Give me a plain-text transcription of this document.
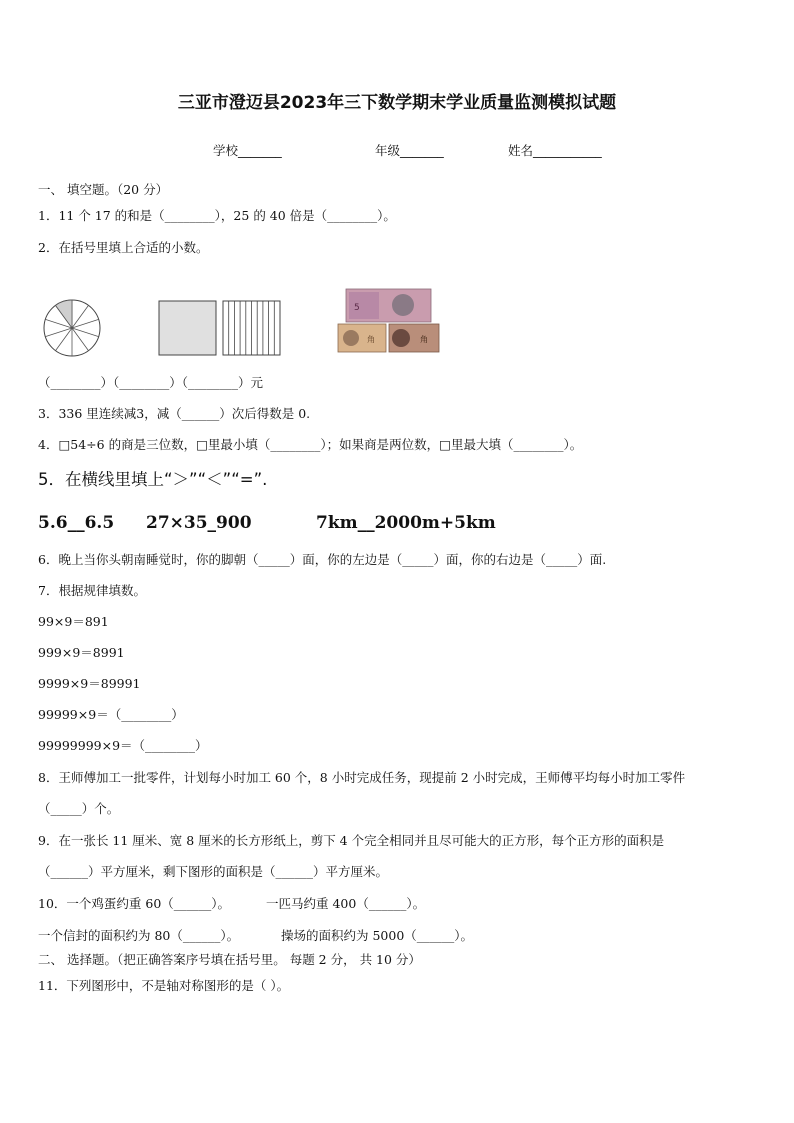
三亚市澄迈县2023年三下数学期末学业质量监测模拟试题
学校_______	年级_______	姓名___________
一、 填空题。（20 分）
1．11 个 17 的和是（________），25 的 40 倍是（________）。
2．在括号里填上合适的小数。
5
角	角
（________）（________）（________）元
3．336 里连续减3，减（______）次后得数是 0.
4．□54÷6 的商是三位数，□里最小填（________）；如果商是两位数，□里最大填（________）。
5．在横线里填上“＞”“＜”“=”.
5.6__6.5 27×35_900	7km__2000m+5km
6．晚上当你头朝南睡觉时，你的脚朝（_____）面，你的左边是（_____）面，你的右边是（_____）面.
7．根据规律填数。
99×9＝891
999×9＝8991
9999×9＝89991
99999×9＝（________）
99999999×9＝（________）
8．王师傅加工一批零件，计划每小时加工 60 个，8 小时完成任务，现提前 2 小时完成，王师傅平均每小时加工零件
（_____）个。
9．在一张长 11 厘米、宽 8 厘米的长方形纸上，剪下 4 个完全相同并且尽可能大的正方形，每个正方形的面积是
（______）平方厘米，剩下图形的面积是（______）平方厘米。
10．一个鸡蛋约重 60（______）。	一匹马约重 400（______）。
一个信封的面积约为 80（______）。	操场的面积约为 5000（______）。
二、 选择题。（把正确答案序号填在括号里。 每题 2 分， 共 10 分）
11．下列图形中，不是轴对称图形的是（ ）。
